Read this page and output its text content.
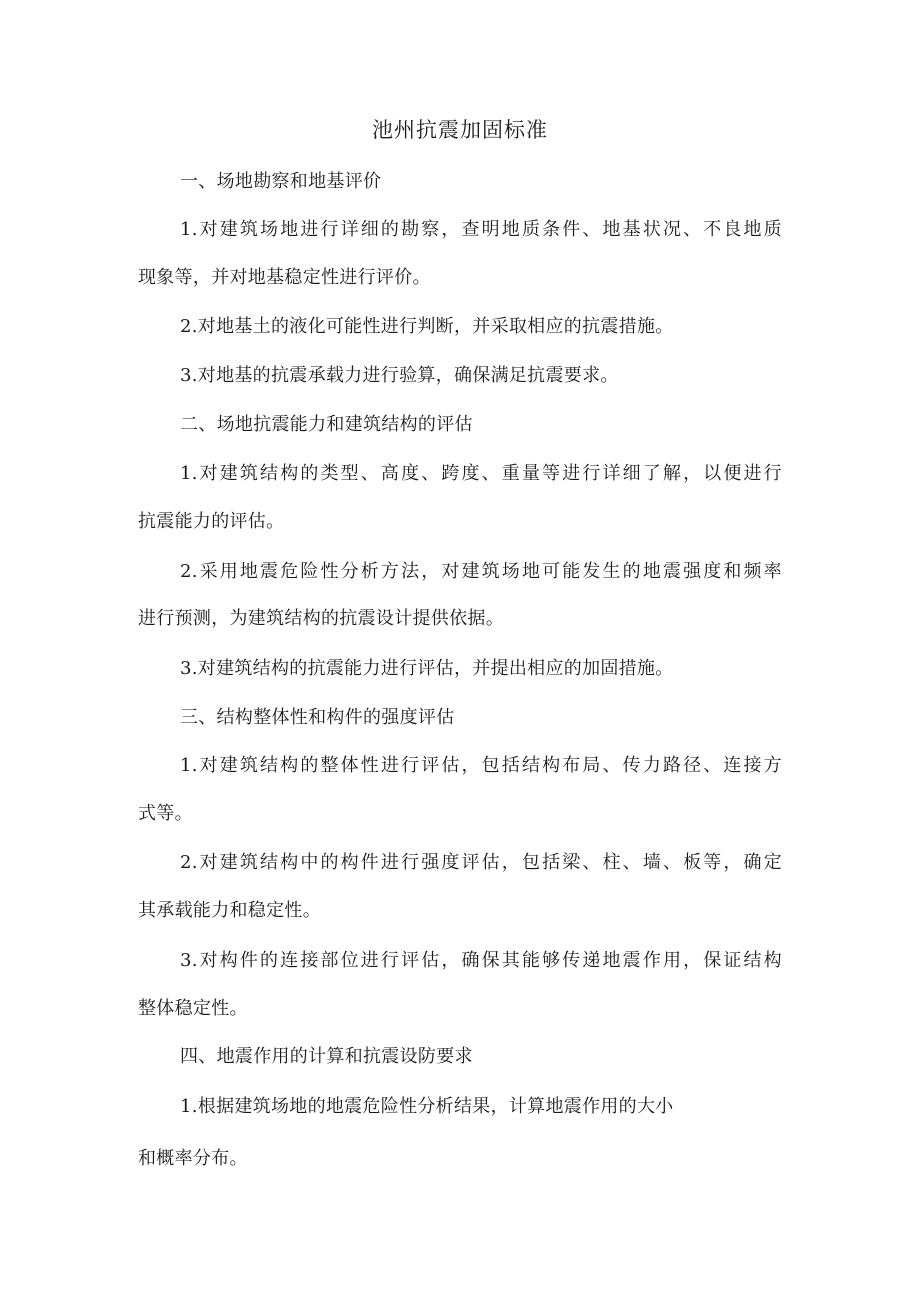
池州抗震加固标准
一、场地勘察和地基评价
1.对建筑场地进行详细的勘察，查明地质条件、地基状况、不良地质
现象等，并对地基稳定性进行评价。
2.对地基土的液化可能性进行判断，并采取相应的抗震措施。
3.对地基的抗震承载力进行验算，确保满足抗震要求。
二、场地抗震能力和建筑结构的评估
1.对建筑结构的类型、高度、跨度、重量等进行详细了解，以便进行
抗震能力的评估。
2.采用地震危险性分析方法，对建筑场地可能发生的地震强度和频率
进行预测，为建筑结构的抗震设计提供依据。
3.对建筑结构的抗震能力进行评估，并提出相应的加固措施。
三、结构整体性和构件的强度评估
1.对建筑结构的整体性进行评估，包括结构布局、传力路径、连接方
式等。
2.对建筑结构中的构件进行强度评估，包括梁、柱、墙、板等，确定
其承载能力和稳定性。
3.对构件的连接部位进行评估，确保其能够传递地震作用，保证结构
整体稳定性。
四、地震作用的计算和抗震设防要求
1.根据建筑场地的地震危险性分析结果，计算地震作用的大小
和概率分布。
